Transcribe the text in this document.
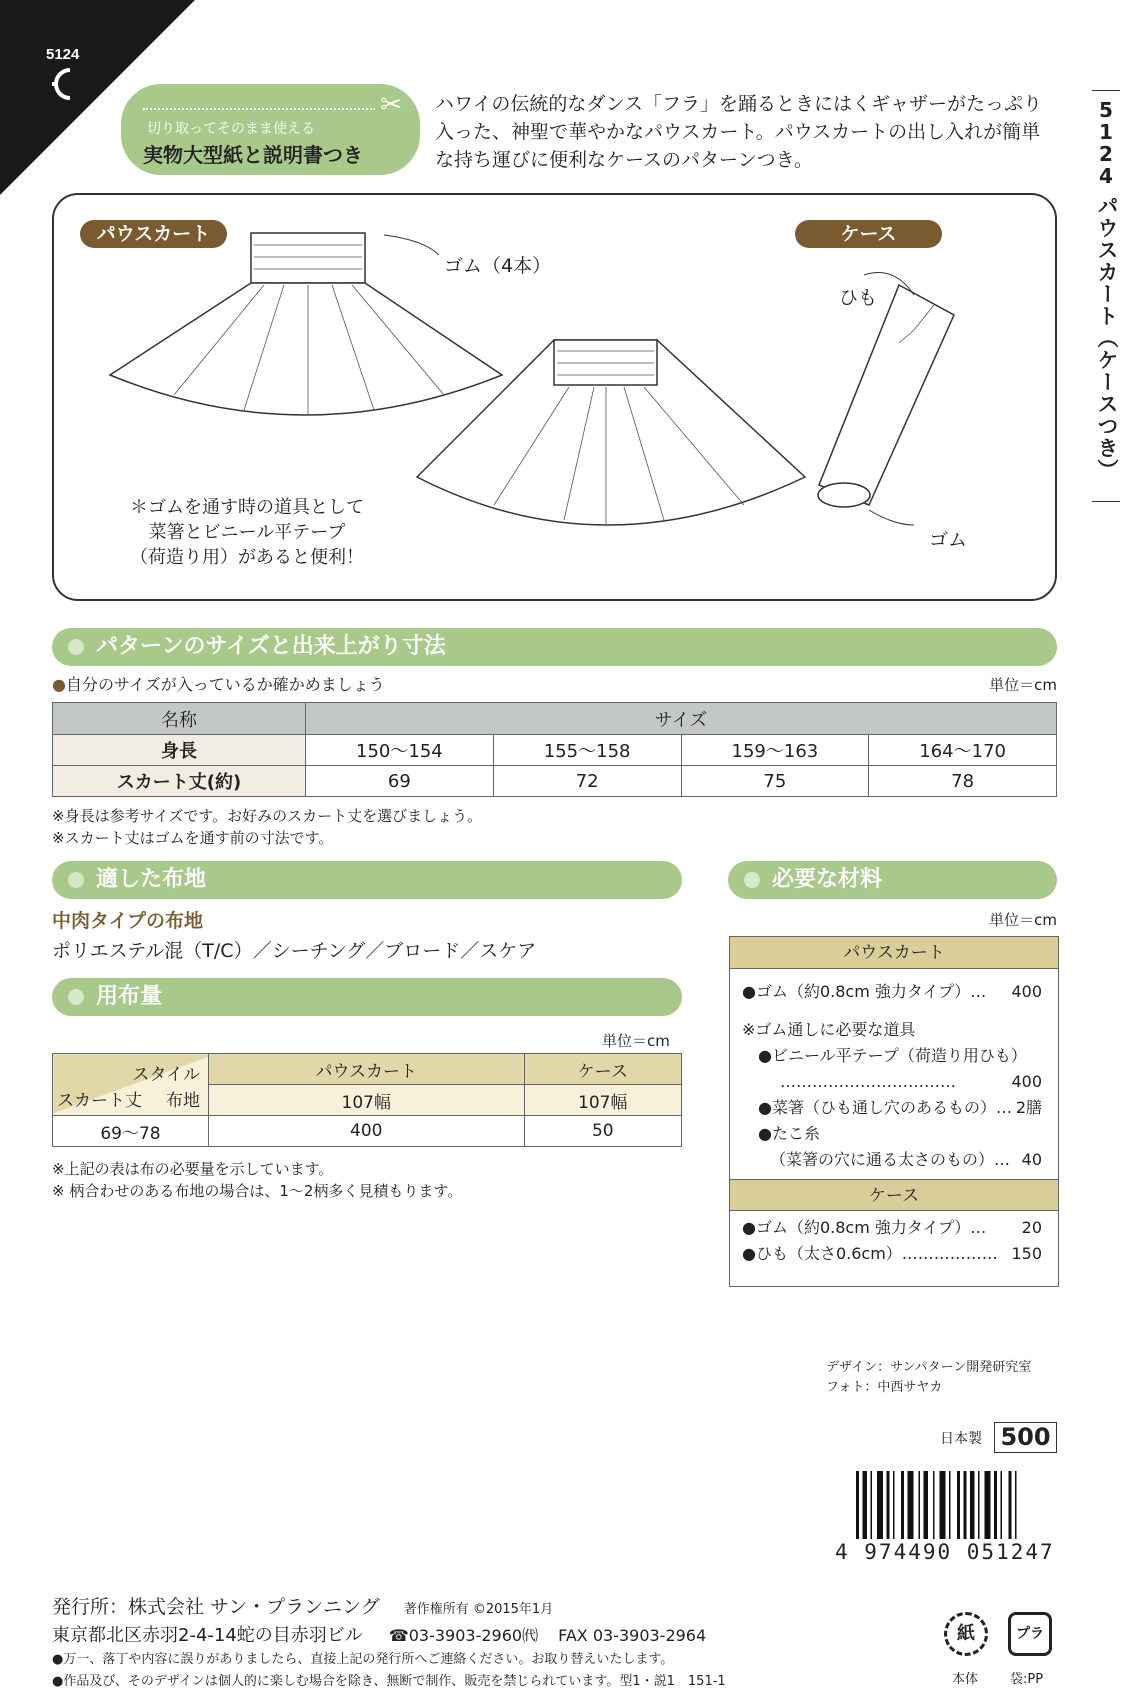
5124
✂
切り取ってそのまま使える
実物大型紙と説明書つき
ハワイの伝統的なダンス「フラ」を踊るときにはくギャザーがたっぷり入った、神聖で華やかなパウスカート。パウスカートの出し入れが簡単な持ち運びに便利なケースのパターンつき。
5
1
2
4
パウスカート（ケースつき）
パウスカート	ケース
ゴム（4本）
ひも
ゴム
＊ゴムを通す時の道具として
菜箸とビニール平テープ
（荷造り用）があると便利！
パターンのサイズと出来上がり寸法
●自分のサイズが入っているか確かめましょう	単位＝cm
名称	サイズ			
身長	150〜154	155〜158	159〜163	164〜170
スカート丈(約)	69	72	75	78
※身長は参考サイズです。お好みのスカート丈を選びましょう。
※スカート丈はゴムを通す前の寸法です。
適した布地	必要な材料
中肉タイプの布地
ポリエステル混（T/C）／シーチング／ブロード／スケア
用布量
単位＝cm
スタイル
布地
スカート丈	パウスカート	ケース
	107幅	107幅
69〜78	400	50
※上記の表は布の必要量を示しています。
※ 柄合わせのある布地の場合は、1〜2柄多く見積もります。
単位＝cm
パウスカート
●ゴム（約0.8cm 強力タイプ）… 400
※ゴム通しに必要な道具
●ビニール平テープ（荷造り用ひも）
……………………………	400
●菜箸（ひも通し穴のあるもの）… 2膳
●たこ糸
（菜箸の穴に通る太さのもの）… 40
ケース
●ゴム（約0.8cm 強力タイプ）… 20
●ひも（太さ0.6cm）……………… 150
デザイン：サンパターン開発研究室
フォト：中西サヤカ
日本製 500
4 974490 051247
発行所：株式会社 サン・プランニング 著作権所有 ©2015年1月
東京都北区赤羽2-4-14蛇の目赤羽ビル ☎03-3903-2960㈹ FAX 03-3903-2964
●万一、落丁や内容に誤りがありましたら、直接上記の発行所へご連絡ください。お取り替えいたします。
●作品及び、そのデザインは個人的に楽しむ場合を除き、無断で制作、販売を禁じられています。型1・説1　151-1
紙	プラ
本体 袋:PP
